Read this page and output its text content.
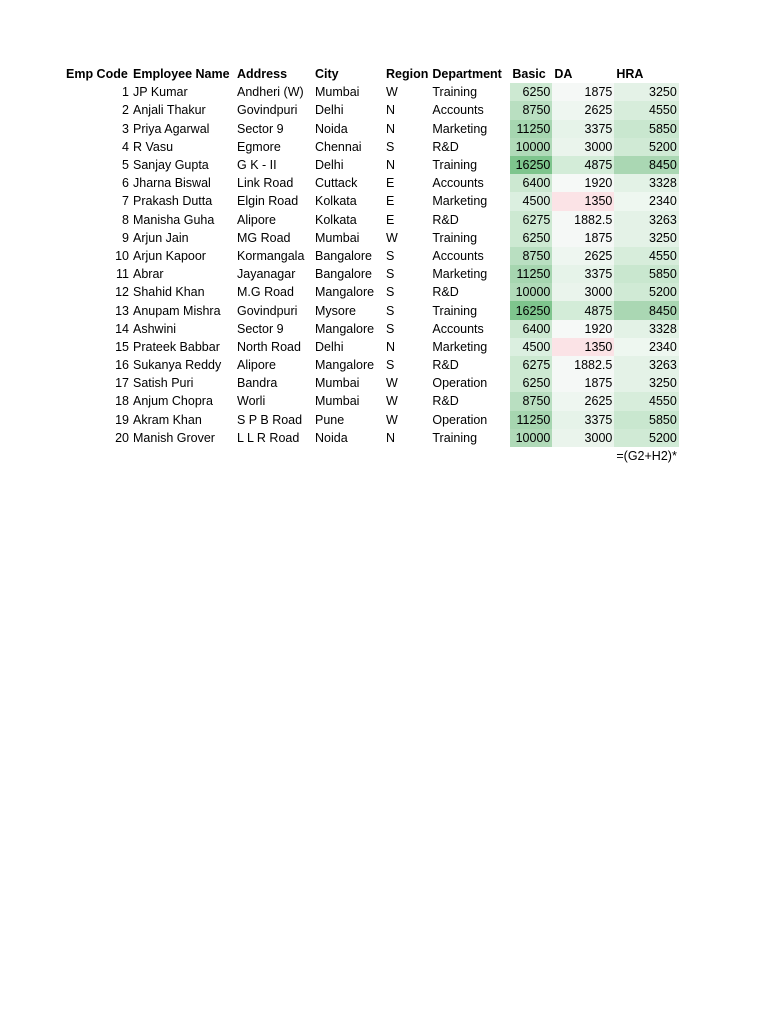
Emp Code	Employee Name	Address	City	Region	Department	Basic	DA	HRA
1	JP Kumar	Andheri (W)	Mumbai	W	Training	6250	1875	3250
2	Anjali Thakur	Govindpuri	Delhi	N	Accounts	8750	2625	4550
3	Priya Agarwal	Sector 9	Noida	N	Marketing	11250	3375	5850
4	R Vasu	Egmore	Chennai	S	R&D	10000	3000	5200
5	Sanjay Gupta	G K - II	Delhi	N	Training	16250	4875	8450
6	Jharna Biswal	Link Road	Cuttack	E	Accounts	6400	1920	3328
7	Prakash Dutta	Elgin Road	Kolkata	E	Marketing	4500	1350	2340
8	Manisha Guha	Alipore	Kolkata	E	R&D	6275	1882.5	3263
9	Arjun Jain	MG Road	Mumbai	W	Training	6250	1875	3250
10	Arjun Kapoor	Kormangala	Bangalore	S	Accounts	8750	2625	4550
11	Abrar	Jayanagar	Bangalore	S	Marketing	11250	3375	5850
12	Shahid Khan	M.G Road	Mangalore	S	R&D	10000	3000	5200
13	Anupam Mishra	Govindpuri	Mysore	S	Training	16250	4875	8450
14	Ashwini	Sector 9	Mangalore	S	Accounts	6400	1920	3328
15	Prateek Babbar	North Road	Delhi	N	Marketing	4500	1350	2340
16	Sukanya Reddy	Alipore	Mangalore	S	R&D	6275	1882.5	3263
17	Satish Puri	Bandra	Mumbai	W	Operation	6250	1875	3250
18	Anjum Chopra	Worli	Mumbai	W	R&D	8750	2625	4550
19	Akram Khan	S P B Road	Pune	W	Operation	11250	3375	5850
20	Manish Grover	L L R Road	Noida	N	Training	10000	3000	5200
								=(G2+H2)*
